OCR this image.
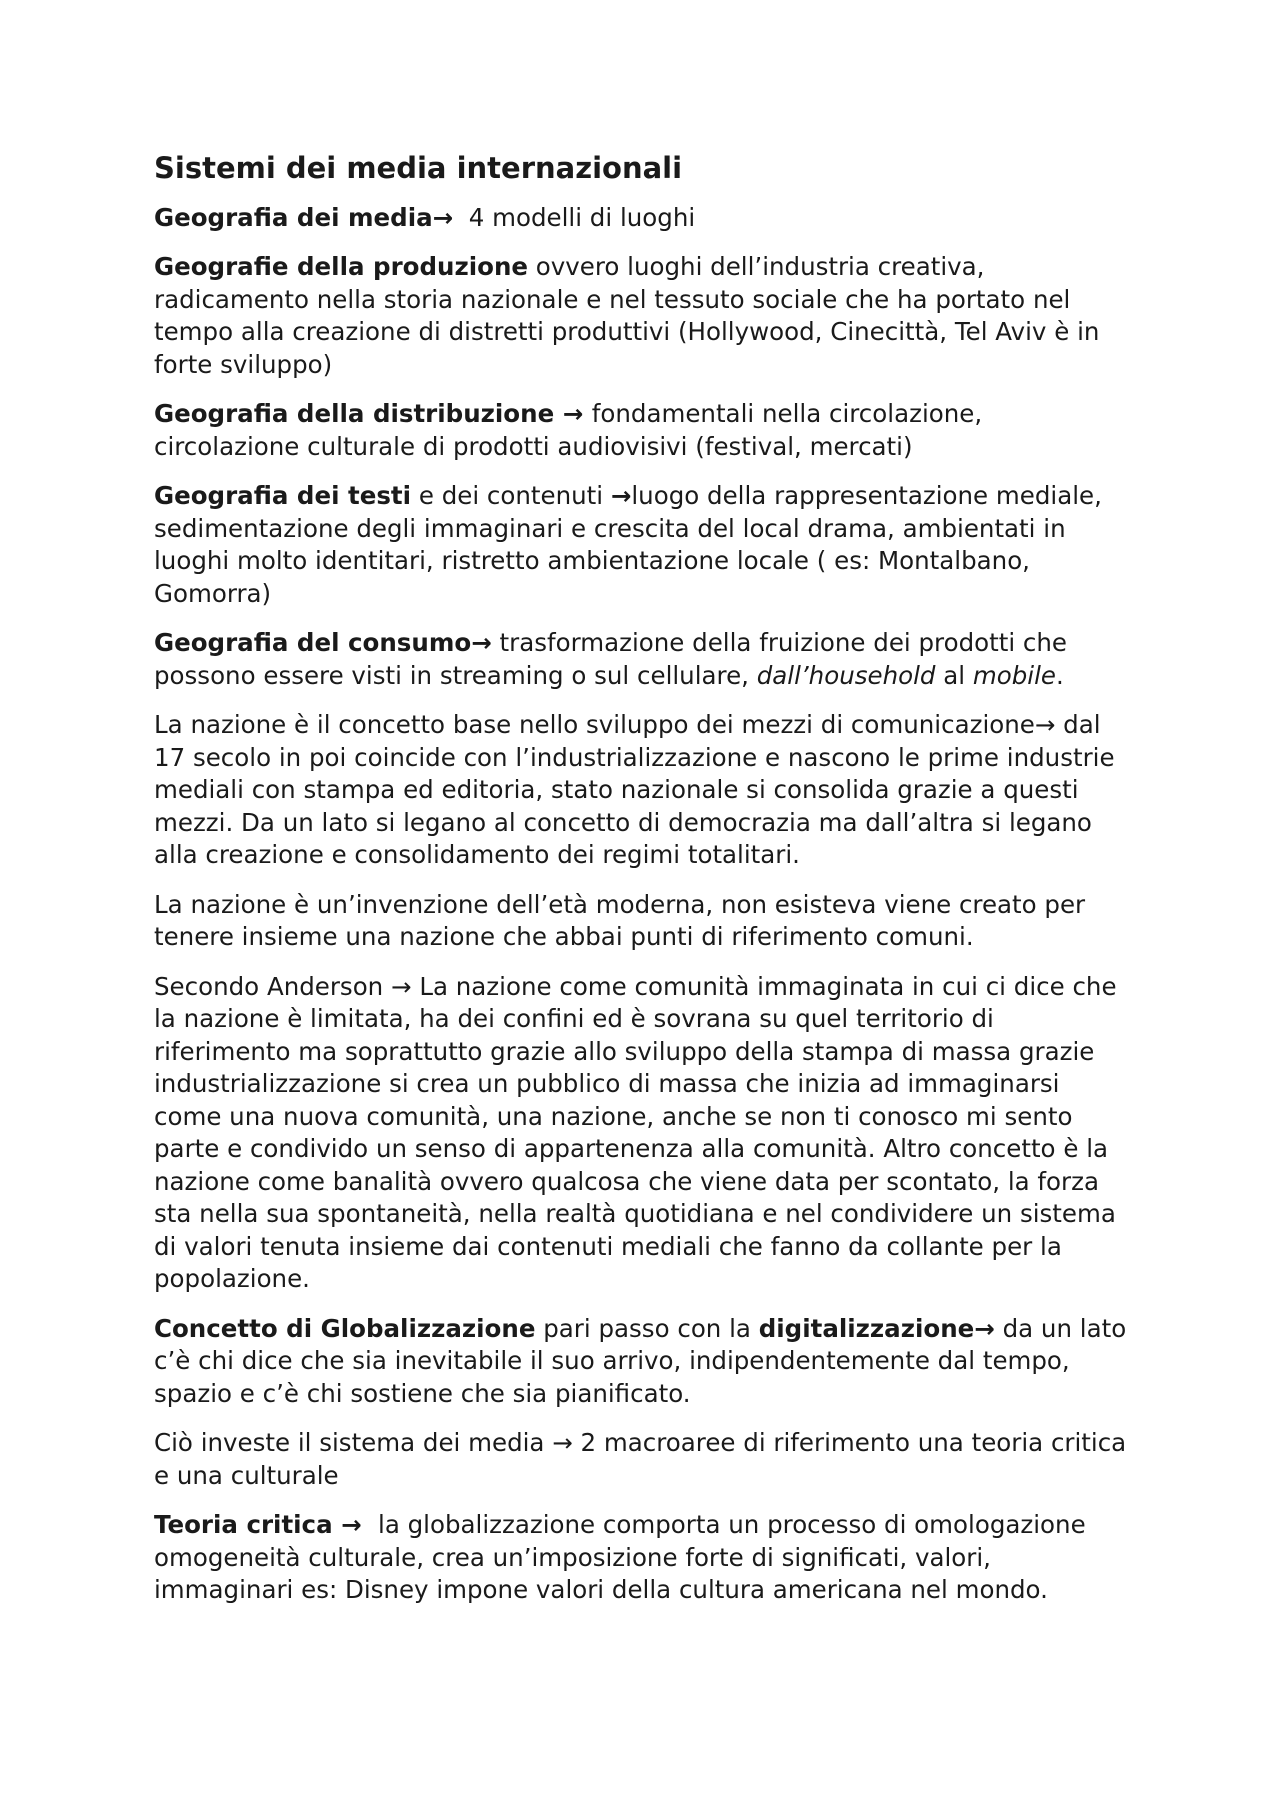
Sistemi dei media internazionali

Geografia dei media→  4 modelli di luoghi

Geografie della produzione ovvero luoghi dell’industria creativa, radicamento nella storia nazionale e nel tessuto sociale che ha portato nel tempo alla creazione di distretti produttivi (Hollywood, Cinecittà, Tel Aviv è in forte sviluppo)

Geografia della distribuzione → fondamentali nella circolazione, circolazione culturale di prodotti audiovisivi (festival, mercati)

Geografia dei testi e dei contenuti →luogo della rappresentazione mediale, sedimentazione degli immaginari e crescita del local drama, ambientati in luoghi molto identitari, ristretto ambientazione locale ( es: Montalbano, Gomorra)

Geografia del consumo→ trasformazione della fruizione dei prodotti che possono essere visti in streaming o sul cellulare, dall’household al mobile.

La nazione è il concetto base nello sviluppo dei mezzi di comunicazione→ dal 17 secolo in poi coincide con l’industrializzazione e nascono le prime industrie mediali con stampa ed editoria, stato nazionale si consolida grazie a questi mezzi. Da un lato si legano al concetto di democrazia ma dall’altra si legano alla creazione e consolidamento dei regimi totalitari.

La nazione è un’invenzione dell’età moderna, non esisteva viene creato per tenere insieme una nazione che abbai punti di riferimento comuni.

Secondo Anderson → La nazione come comunità immaginata in cui ci dice che la nazione è limitata, ha dei confini ed è sovrana su quel territorio di riferimento ma soprattutto grazie allo sviluppo della stampa di massa grazie industrializzazione si crea un pubblico di massa che inizia ad immaginarsi come una nuova comunità, una nazione, anche se non ti conosco mi sento parte e condivido un senso di appartenenza alla comunità. Altro concetto è la nazione come banalità ovvero qualcosa che viene data per scontato, la forza sta nella sua spontaneità, nella realtà quotidiana e nel condividere un sistema di valori tenuta insieme dai contenuti mediali che fanno da collante per la popolazione.

Concetto di Globalizzazione pari passo con la digitalizzazione→ da un lato c’è chi dice che sia inevitabile il suo arrivo, indipendentemente dal tempo, spazio e c’è chi sostiene che sia pianificato.

Ciò investe il sistema dei media → 2 macroaree di riferimento una teoria critica e una culturale

Teoria critica →  la globalizzazione comporta un processo di omologazione omogeneità culturale, crea un’imposizione forte di significati, valori, immaginari es: Disney impone valori della cultura americana nel mondo.
